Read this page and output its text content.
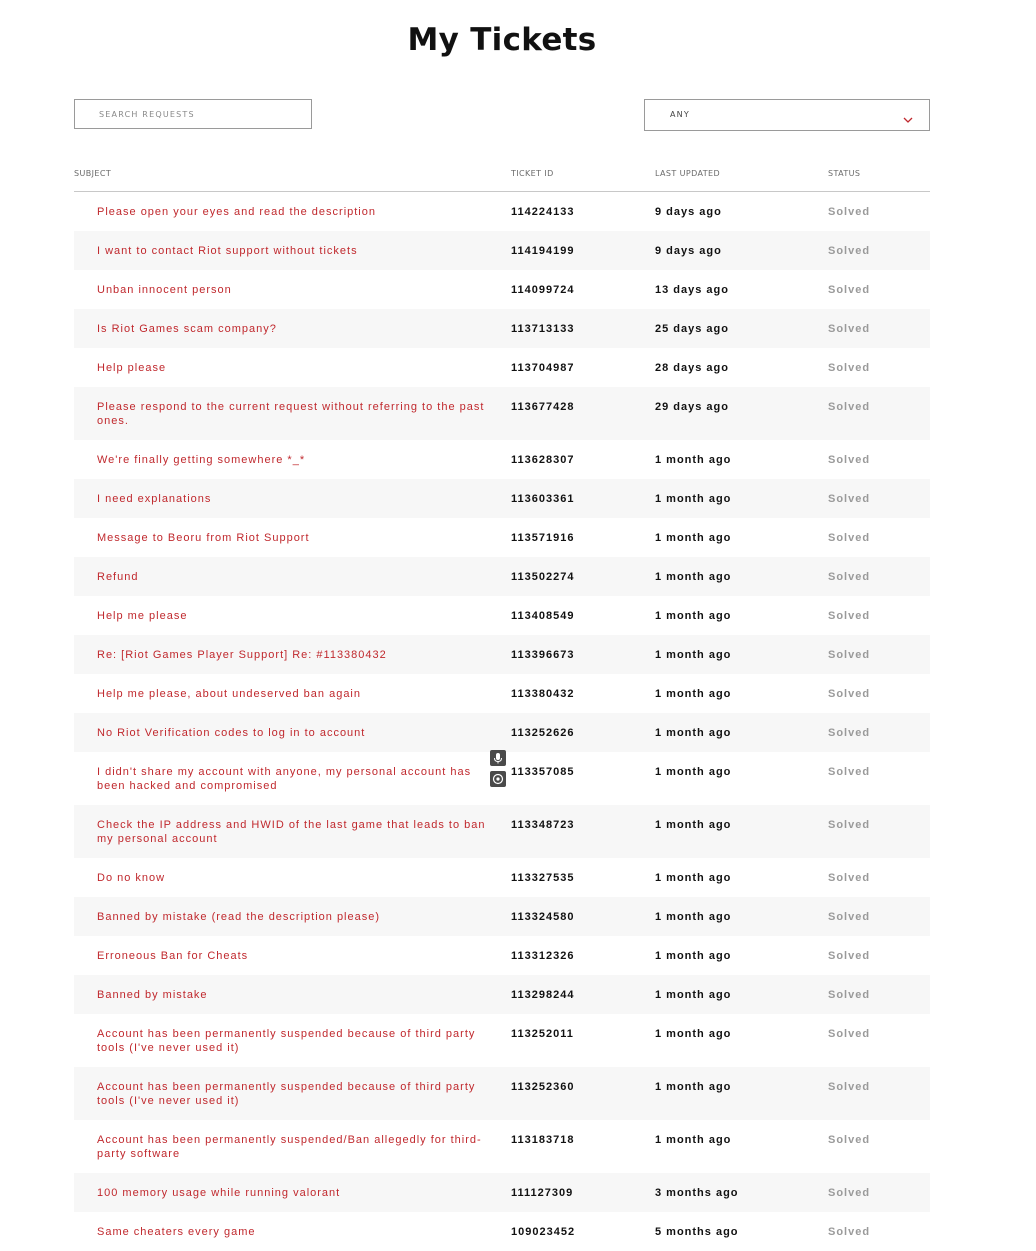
My Tickets
SEARCH REQUESTS
ANY
SUBJECT	TICKET ID	LAST UPDATED	STATUS
Please open your eyes and read the description	114224133	9 days ago	Solved
I want to contact Riot support without tickets	114194199	9 days ago	Solved
Unban innocent person	114099724	13 days ago	Solved
Is Riot Games scam company?	113713133	25 days ago	Solved
Help please	113704987	28 days ago	Solved
Please respond to the current request without referring to the past ones.	113677428	29 days ago	Solved
We're finally getting somewhere *_*	113628307	1 month ago	Solved
I need explanations	113603361	1 month ago	Solved
Message to Beoru from Riot Support	113571916	1 month ago	Solved
Refund	113502274	1 month ago	Solved
Help me please	113408549	1 month ago	Solved
Re: [Riot Games Player Support] Re: #113380432	113396673	1 month ago	Solved
Help me please, about undeserved ban again	113380432	1 month ago	Solved
No Riot Verification codes to log in to account	113252626	1 month ago	Solved
I didn't share my account with anyone, my personal account has been hacked and compromised	113357085	1 month ago	Solved
Check the IP address and HWID of the last game that leads to ban my personal account	113348723	1 month ago	Solved
Do no know	113327535	1 month ago	Solved
Banned by mistake (read the description please)	113324580	1 month ago	Solved
Erroneous Ban for Cheats	113312326	1 month ago	Solved
Banned by mistake	113298244	1 month ago	Solved
Account has been permanently suspended because of third party tools (I've never used it)	113252011	1 month ago	Solved
Account has been permanently suspended because of third party tools (I've never used it)	113252360	1 month ago	Solved
Account has been permanently suspended/Ban allegedly for third-party software	113183718	1 month ago	Solved
100 memory usage while running valorant	111127309	3 months ago	Solved
Same cheaters every game	109023452	5 months ago	Solved
